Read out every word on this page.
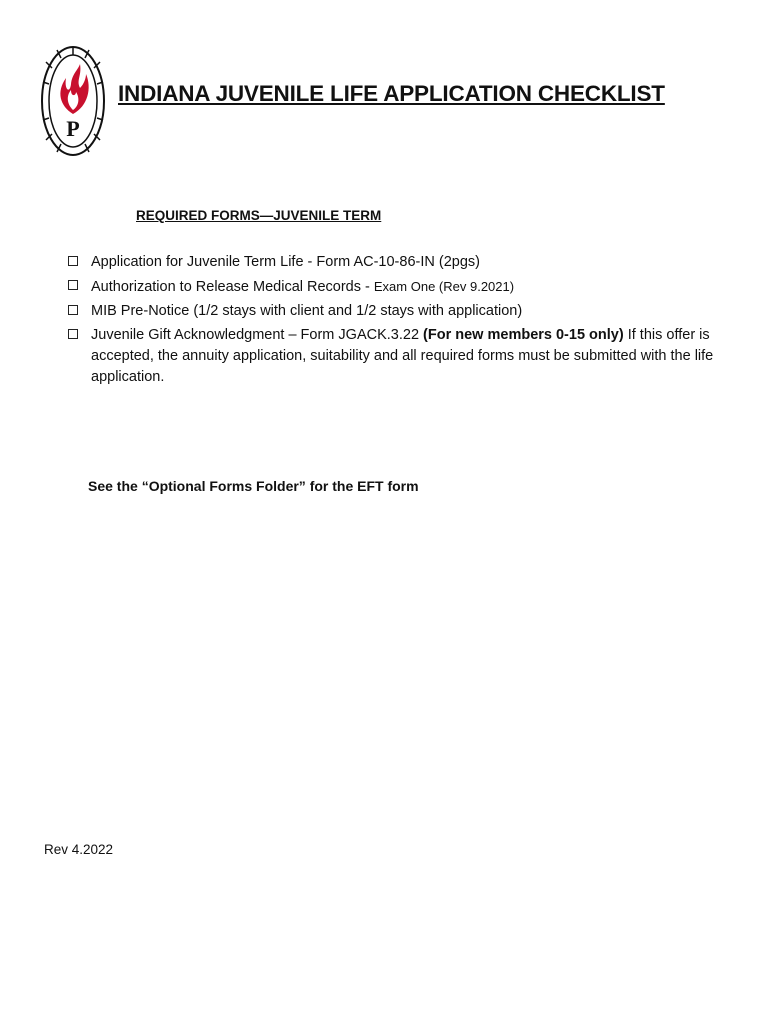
P
INDIANA JUVENILE LIFE APPLICATION CHECKLIST
REQUIRED FORMS—JUVENILE TERM
Application for Juvenile Term Life - Form AC-10-86-IN (2pgs)
Authorization to Release Medical Records - Exam One (Rev 9.2021)
MIB Pre-Notice (1/2 stays with client and 1/2 stays with application)
Juvenile Gift Acknowledgment – Form JGACK.3.22 (For new members 0-15 only) If this offer is accepted, the annuity application, suitability and all required forms must be submitted with the life application.
See the “Optional Forms Folder” for the EFT form
Rev 4.2022
